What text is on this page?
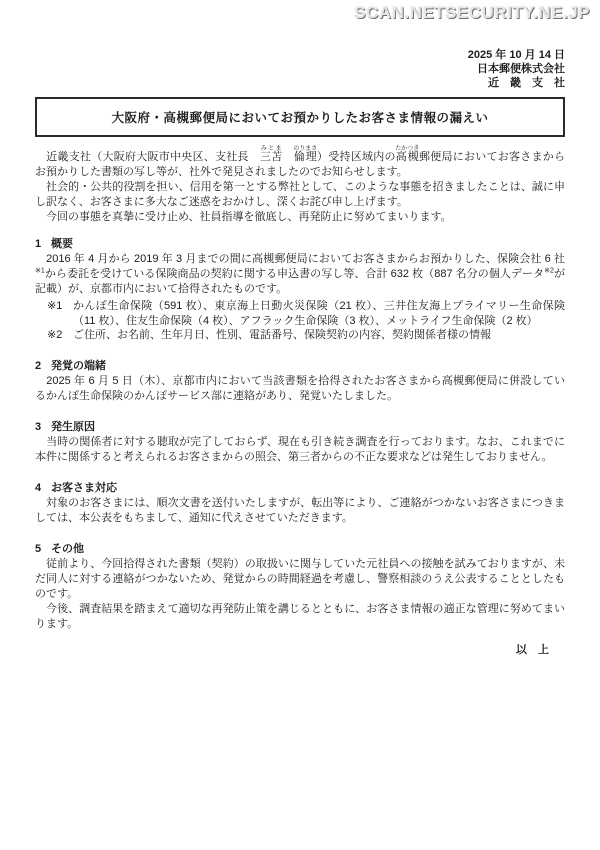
SCAN.NETSECURITY.NE.JP
2025 年 10 月 14 日
日本郵便株式会社
近　畿　支　社
大阪府・高槻郵便局においてお預かりしたお客さま情報の漏えい

　近畿支社（大阪府大阪市中央区、支社長　三苫みとま　倫理のりまさ）受持区域内の高槻たかつき郵便局においてお客さまからお預かりした書類の写し等が、社外で発見されましたのでお知らせします。

　社会的・公共的役割を担い、信用を第一とする弊社として、このような事態を招きましたことは、誠に申し訳なく、お客さまに多大なご迷惑をおかけし、深くお詫び申し上げます。

　今回の事態を真摯に受け止め、社員指導を徹底し、再発防止に努めてまいります。

1 概要

　2016 年 4 月から 2019 年 3 月までの間に高槻郵便局においてお客さまからお預かりした、保険会社 6 社$^{※1}$から委託を受けている保険商品の契約に関する申込書の写し等、合計 632 枚（887 名分の個人データ$^{※2}$が記載）が、京都市内において拾得されたものです。

※1 かんぽ生命保険（591 枚）、東京海上日動火災保険（21 枚）、三井住友海上プライマリー生命保険（11 枚）、住友生命保険（4 枚）、アフラック生命保険（3 枚）、メットライフ生命保険（2 枚）
※2 ご住所、お名前、生年月日、性別、電話番号、保険契約の内容、契約関係者様の情報
2 発覚の端緒

　2025 年 6 月 5 日（木）、京都市内において当該書類を拾得されたお客さまから高槻郵便局に併設しているかんぽ生命保険のかんぽサービス部に連絡があり、発覚いたしました。

3 発生原因

　当時の関係者に対する聴取が完了しておらず、現在も引き続き調査を行っております。なお、これまでに本件に関係すると考えられるお客さまからの照会、第三者からの不正な要求などは発生しておりません。

4 お客さま対応

　対象のお客さまには、順次文書を送付いたしますが、転出等により、ご連絡がつかないお客さまにつきましては、本公表をもちまして、通知に代えさせていただきます。

5 その他

　従前より、今回拾得された書類（契約）の取扱いに関与していた元社員への接触を試みておりますが、未だ同人に対する連絡がつかないため、発覚からの時間経過を考慮し、警察相談のうえ公表することとしたものです。

　今後、調査結果を踏まえて適切な再発防止策を講じるとともに、お客さま情報の適正な管理に努めてまいります。

以　上
